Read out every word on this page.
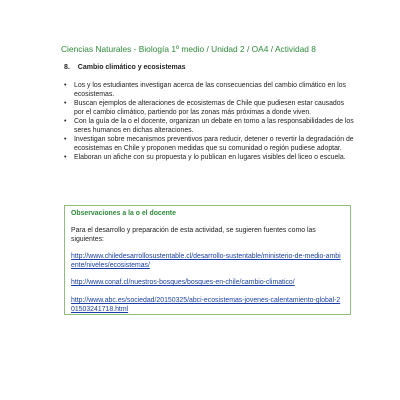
Ciencias Naturales - Biología 1º medio / Unidad 2 / OA4 / Actividad 8
8. Cambio climático y ecosistemas
• Los y los estudiantes investigan acerca de las consecuencias del cambio climático en los ecosistemas.
• Buscan ejemplos de alteraciones de ecosistemas de Chile que pudiesen estar causados por el cambio climático, partiendo por las zonas más próximas a donde viven.
• Con la guía de la o el docente, organizan un debate en torno a las responsabilidades de los seres humanos en dichas alteraciones.
• Investigan sobre mecanismos preventivos para reducir, detener o revertir la degradación de ecosistemas en Chile y proponen medidas que su comunidad o región pudiese adoptar.
• Elaboran un afiche con su propuesta y lo publican en lugares visibles del liceo o escuela.
Observaciones a la o el docente
Para el desarrollo y preparación de esta actividad, se sugieren fuentes como las siguientes:
http://www.chiledesarrollosustentable.cl/desarrollo-sustentable/ministerio-de-medio-ambiente/niveles/ecosistemas/
http://www.conaf.cl/nuestros-bosques/bosques-en-chile/cambio-climatico/
http://www.abc.es/sociedad/20150325/abci-ecosistemas-jovenes-calentamiento-global-201503241718.html
